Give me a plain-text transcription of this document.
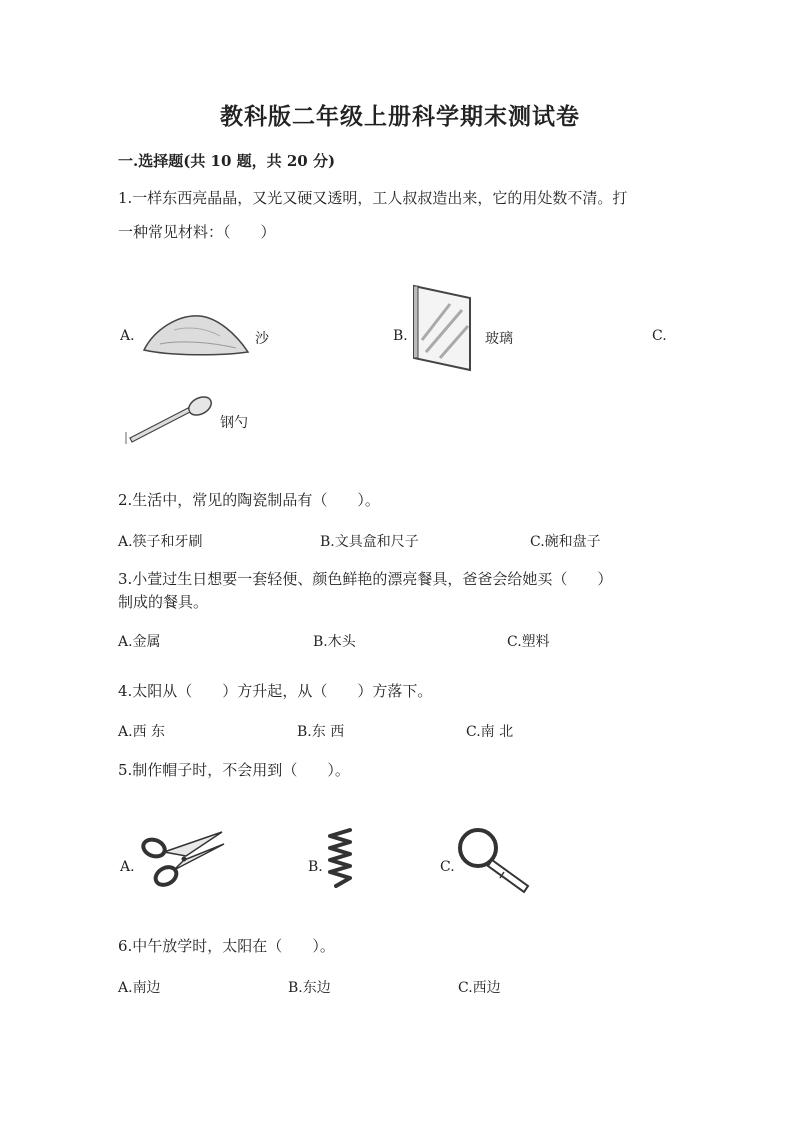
教科版二年级上册科学期末测试卷
一.选择题(共 10 题，共 20 分)
1.一样东西亮晶晶，又光又硬又透明，工人叔叔造出来，它的用处数不清。打
一种常见材料：（　　）
A.	沙	B.	玻璃	C.
钢勺
2.生活中，常见的陶瓷制品有（　　）。
A.筷子和牙刷	B.文具盒和尺子	C.碗和盘子
3.小萱过生日想要一套轻便、颜色鲜艳的漂亮餐具，爸爸会给她买（　　）
制成的餐具。
A.金属	B.木头	C.塑料
4.太阳从（　　）方升起，从（　　）方落下。
A.西 东	B.东 西	C.南 北
5.制作帽子时，不会用到（　　）。
A.	B.	C.
6.中午放学时，太阳在（　　）。
A.南边	B.东边	C.西边
